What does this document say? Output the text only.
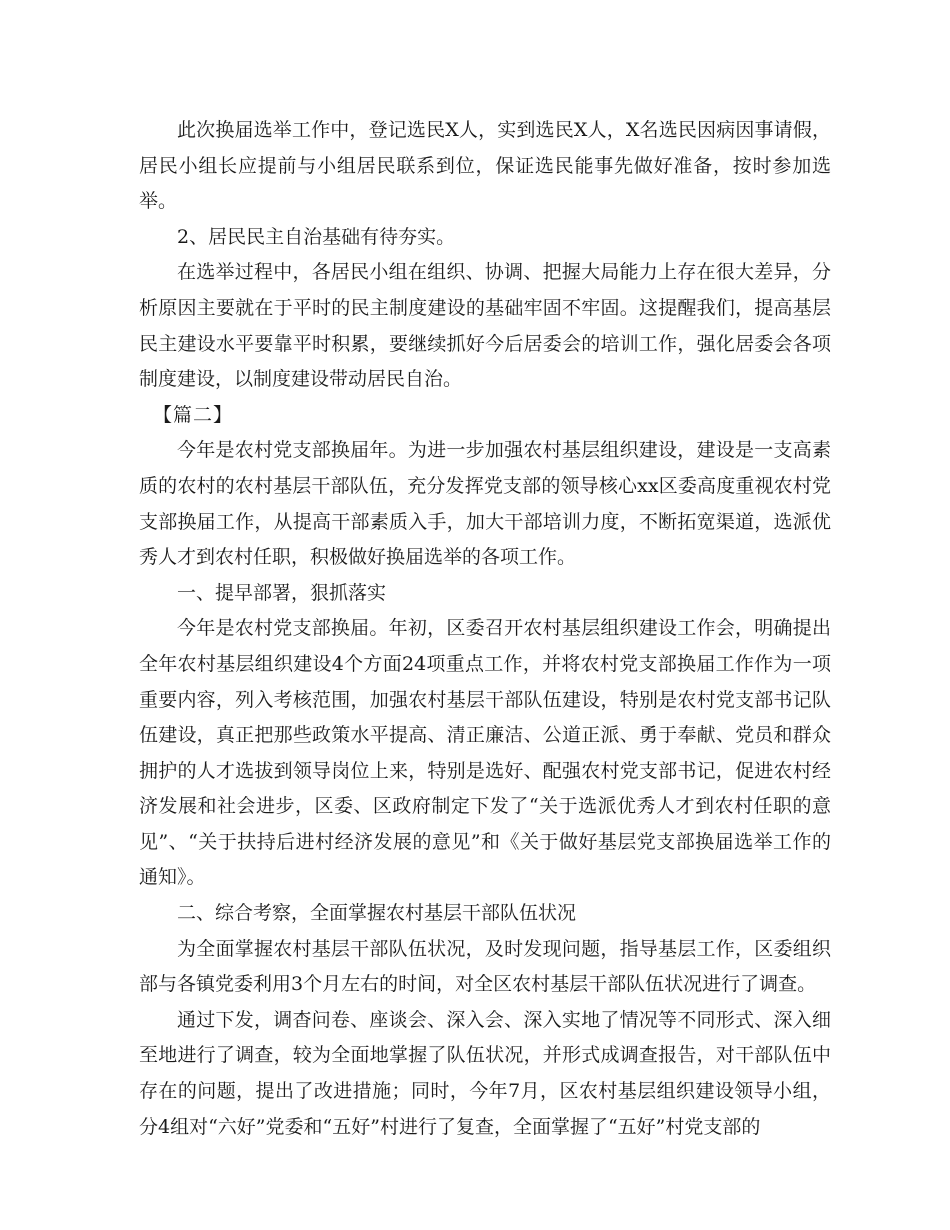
此次换届选举工作中，登记选民X人，实到选民X人，X名选民因病因事请假，居民小组长应提前与小组居民联系到位，保证选民能事先做好准备，按时参加选举。

2、居民民主自治基础有待夯实。

在选举过程中，各居民小组在组织、协调、把握大局能力上存在很大差异，分析原因主要就在于平时的民主制度建设的基础牢固不牢固。这提醒我们，提高基层民主建设水平要靠平时积累，要继续抓好今后居委会的培训工作，强化居委会各项制度建设，以制度建设带动居民自治。

【篇二】

今年是农村党支部换届年。为进一步加强农村基层组织建设，建设是一支高素质的农村的农村基层干部队伍，充分发挥党支部的领导核心xx区委高度重视农村党支部换届工作，从提高干部素质入手，加大干部培训力度，不断拓宽渠道，选派优秀人才到农村任职，积极做好换届选举的各项工作。

一、提早部署，狠抓落实

今年是农村党支部换届。年初，区委召开农村基层组织建设工作会，明确提出全年农村基层组织建设4个方面24项重点工作，并将农村党支部换届工作作为一项重要内容，列入考核范围，加强农村基层干部队伍建设，特别是农村党支部书记队伍建设，真正把那些政策水平提高、清正廉洁、公道正派、勇于奉献、党员和群众拥护的人才选拔到领导岗位上来，特别是选好、配强农村党支部书记，促进农村经济发展和社会进步，区委、区政府制定下发了“关于选派优秀人才到农村任职的意见”、“关于扶持后进村经济发展的意见”和《关于做好基层党支部换届选举工作的通知》。

二、综合考察，全面掌握农村基层干部队伍状况

为全面掌握农村基层干部队伍状况，及时发现问题，指导基层工作，区委组织部与各镇党委利用3个月左右的时间，对全区农村基层干部队伍状况进行了调查。

通过下发，调杳问卷、座谈会、深入会、深入实地了情况等不同形式、深入细至地进行了调查，较为全面地掌握了队伍状况，并形式成调查报告，对干部队伍中存在的问题，提出了改进措施；同时，今年7月，区农村基层组织建设领导小组，分4组对“六好”党委和“五好”村进行了复查，全面掌握了“五好”村党支部的
